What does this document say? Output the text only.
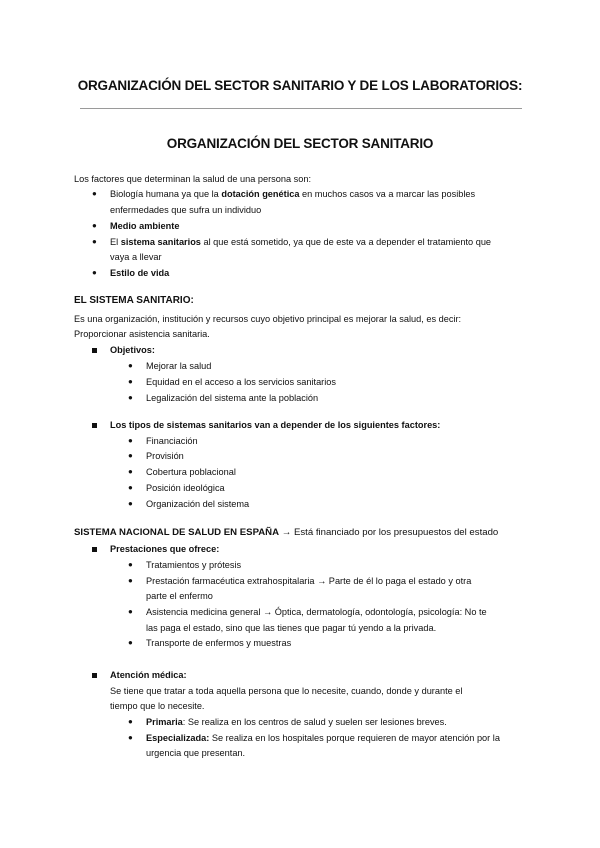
ORGANIZACIÓN DEL SECTOR SANITARIO Y DE LOS LABORATORIOS:
ORGANIZACIÓN DEL SECTOR SANITARIO
Los factores que determinan la salud de una persona son:
● Biología humana ya que la dotación genética en muchos casos va a marcar las posibles
enfermedades que sufra un individuo
● Medio ambiente
● El sistema sanitarios al que está sometido, ya que de este va a depender el tratamiento que
vaya a llevar
● Estilo de vida
EL SISTEMA SANITARIO:
Es una organización, institución y recursos cuyo objetivo principal es mejorar la salud, es decir:
Proporcionar asistencia sanitaria.
Objetivos:
● Mejorar la salud
● Equidad en el acceso a los servicios sanitarios
● Legalización del sistema ante la población
Los tipos de sistemas sanitarios van a depender de los siguientes factores:
● Financiación
● Provisión
● Cobertura poblacional
● Posición ideológica
● Organización del sistema
SISTEMA NACIONAL DE SALUD EN ESPAÑA → Está financiado por los presupuestos del estado
Prestaciones que ofrece:
● Tratamientos y prótesis
● Prestación farmacéutica extrahospitalaria → Parte de él lo paga el estado y otra
parte el enfermo
● Asistencia medicina general → Óptica, dermatología, odontología, psicología: No te
las paga el estado, sino que las tienes que pagar tú yendo a la privada.
● Transporte de enfermos y muestras
Atención médica:
Se tiene que tratar a toda aquella persona que lo necesite, cuando, donde y durante el
tiempo que lo necesite.
● Primaria: Se realiza en los centros de salud y suelen ser lesiones breves.
● Especializada: Se realiza en los hospitales porque requieren de mayor atención por la
urgencia que presentan.
